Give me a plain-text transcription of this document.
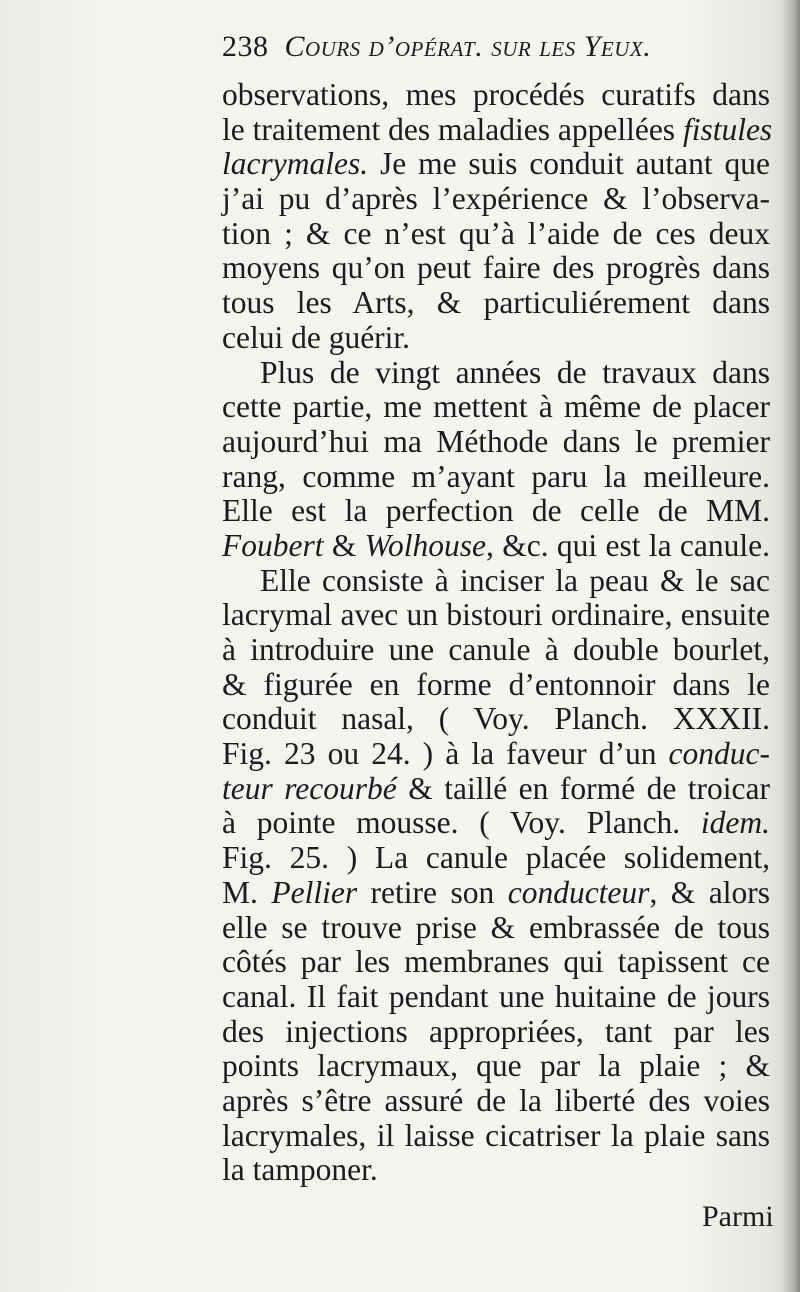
238 Cours d’opérat. sur les Yeux.
observations, mes procédés curatifs dans
le traitement des maladies appellées fistules
lacrymales. Je me suis conduit autant que
j’ai pu d’après l’expérience & l’observa-
tion ; & ce n’est qu’à l’aide de ces deux
moyens qu’on peut faire des progrès dans
tous les Arts, & particuliérement dans
celui de guérir.
Plus de vingt années de travaux dans
cette partie, me mettent à même de placer
aujourd’hui ma Méthode dans le premier
rang, comme m’ayant paru la meilleure.
Elle est la perfection de celle de MM.
Foubert & Wolhouse, &c. qui est la canule.
Elle consiste à inciser la peau & le sac
lacrymal avec un bistouri ordinaire, ensuite
à introduire une canule à double bourlet,
& figurée en forme d’entonnoir dans le
conduit nasal, ( Voy. Planch. XXXII.
Fig. 23 ou 24. ) à la faveur d’un conduc-
teur recourbé & taillé en formé de troicar
à pointe mousse. ( Voy. Planch. idem.
Fig. 25. ) La canule placée solidement,
M. Pellier retire son conducteur, & alors
elle se trouve prise & embrassée de tous
côtés par les membranes qui tapissent ce
canal. Il fait pendant une huitaine de jours
des injections appropriées, tant par les
points lacrymaux, que par la plaie ; &
après s’être assuré de la liberté des voies
lacrymales, il laisse cicatriser la plaie sans
la tamponer.
Parmi
